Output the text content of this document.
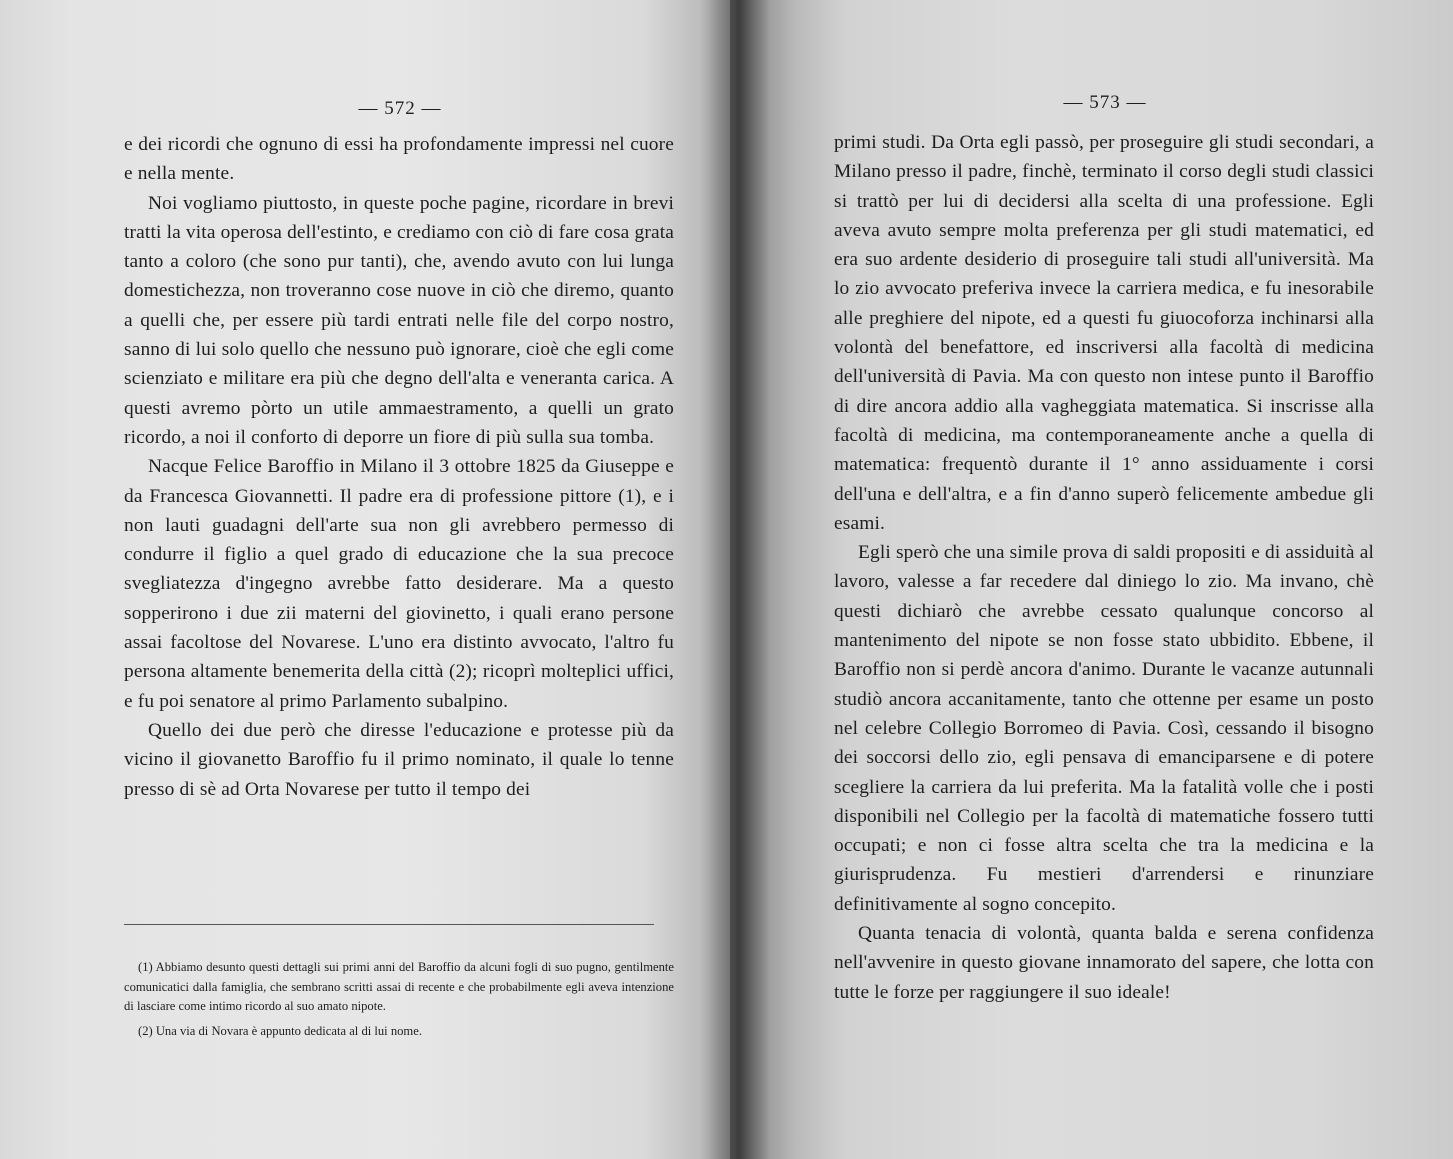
— 572 —

e dei ricordi che ognuno di essi ha profondamente impressi nel cuore e nella mente.

Noi vogliamo piuttosto, in queste poche pagine, ricordare in brevi tratti la vita operosa dell'estinto, e crediamo con ciò di fare cosa grata tanto a coloro (che sono pur tanti), che, avendo avuto con lui lunga domestichezza, non troveranno cose nuove in ciò che diremo, quanto a quelli che, per essere più tardi entrati nelle file del corpo nostro, sanno di lui solo quello che nessuno può ignorare, cioè che egli come scienziato e militare era più che degno dell'alta e veneranta carica. A questi avremo pòrto un utile ammaestramento, a quelli un grato ricordo, a noi il conforto di deporre un fiore di più sulla sua tomba.

Nacque Felice Baroffio in Milano il 3 ottobre 1825 da Giuseppe e da Francesca Giovannetti. Il padre era di professione pittore (1), e i non lauti guadagni dell'arte sua non gli avrebbero permesso di condurre il figlio a quel grado di educazione che la sua precoce svegliatezza d'ingegno avrebbe fatto desiderare. Ma a questo sopperirono i due zii materni del giovinetto, i quali erano persone assai facoltose del Novarese. L'uno era distinto avvocato, l'altro fu persona altamente benemerita della città (2); ricoprì molteplici uffici, e fu poi senatore al primo Parlamento subalpino.

Quello dei due però che diresse l'educazione e protesse più da vicino il giovanetto Baroffio fu il primo nominato, il quale lo tenne presso di sè ad Orta Novarese per tutto il tempo dei

(1) Abbiamo desunto questi dettagli sui primi anni del Baroffio da alcuni fogli di suo pugno, gentilmente comunicatici dalla famiglia, che sembrano scritti assai di recente e che probabilmente egli aveva intenzione di lasciare come intimo ricordo al suo amato nipote.

(2) Una via di Novara è appunto dedicata al di lui nome.

— 573 —

primi studi. Da Orta egli passò, per proseguire gli studi secondari, a Milano presso il padre, finchè, terminato il corso degli studi classici si trattò per lui di decidersi alla scelta di una professione. Egli aveva avuto sempre molta preferenza per gli studi matematici, ed era suo ardente desiderio di proseguire tali studi all'università. Ma lo zio avvocato preferiva invece la carriera medica, e fu inesorabile alle preghiere del nipote, ed a questi fu giuocoforza inchinarsi alla volontà del benefattore, ed inscriversi alla facoltà di medicina dell'università di Pavia. Ma con questo non intese punto il Baroffio di dire ancora addio alla vagheggiata matematica. Si inscrisse alla facoltà di medicina, ma contemporaneamente anche a quella di matematica: frequentò durante il 1° anno assiduamente i corsi dell'una e dell'altra, e a fin d'anno superò felicemente ambedue gli esami.

Egli sperò che una simile prova di saldi propositi e di assiduità al lavoro, valesse a far recedere dal diniego lo zio. Ma invano, chè questi dichiarò che avrebbe cessato qualunque concorso al mantenimento del nipote se non fosse stato ubbidito. Ebbene, il Baroffio non si perdè ancora d'animo. Durante le vacanze autunnali studiò ancora accanitamente, tanto che ottenne per esame un posto nel celebre Collegio Borromeo di Pavia. Così, cessando il bisogno dei soccorsi dello zio, egli pensava di emanciparsene e di potere scegliere la carriera da lui preferita. Ma la fatalità volle che i posti disponibili nel Collegio per la facoltà di matematiche fossero tutti occupati; e non ci fosse altra scelta che tra la medicina e la giurisprudenza. Fu mestieri d'arrendersi e rinunziare definitivamente al sogno concepito.

Quanta tenacia di volontà, quanta balda e serena confidenza nell'avvenire in questo giovane innamorato del sapere, che lotta con tutte le forze per raggiungere il suo ideale!
